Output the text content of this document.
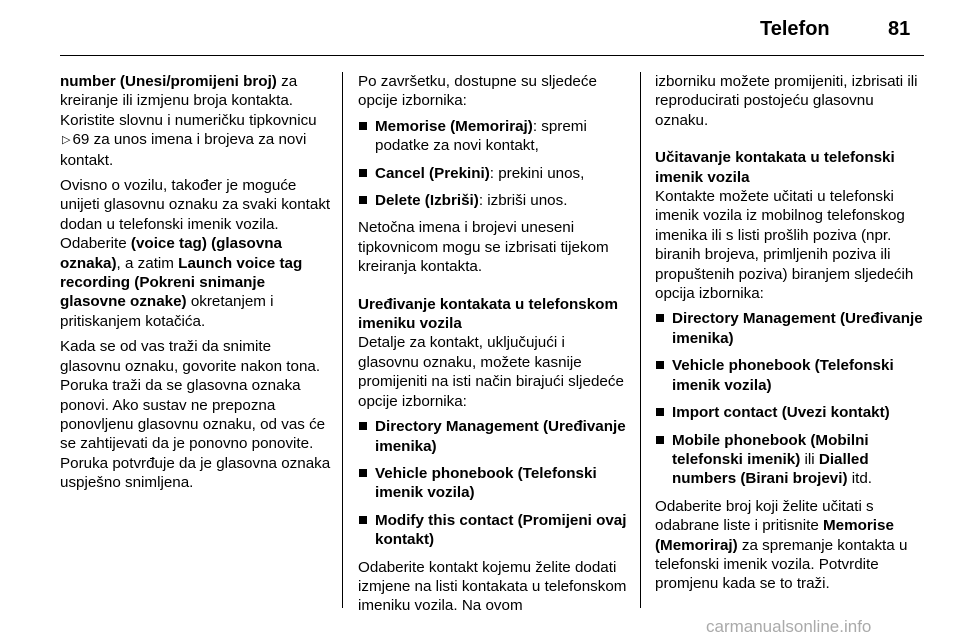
Telefon	81

number (Unesi/promijeni broj) za kreiranje ili izmjenu broja kontakta. Koristite slovnu i numeričku tipkovnicu ▷ 69 za unos imena i brojeva za novi kontakt.

Ovisno o vozilu, također je moguće unijeti glasovnu oznaku za svaki kontakt dodan u telefonski imenik vozila. Odaberite (voice tag) (glasovna oznaka), a zatim Launch voice tag recording (Pokreni snimanje glasovne oznake) okretanjem i pritiskanjem kotačića.

Kada se od vas traži da snimite glasovnu oznaku, govorite nakon tona. Poruka traži da se glasovna oznaka ponovi. Ako sustav ne prepozna ponovljenu glasovnu oznaku, od vas će se zahtijevati da je ponovno ponovite. Poruka potvrđuje da je glasovna oznaka uspješno snimljena.

Po završetku, dostupne su sljedeće opcije izbornika:

Memorise (Memoriraj): spremi podatke za novi kontakt,
Cancel (Prekini): prekini unos,
Delete (Izbriši): izbriši unos.

Netočna imena i brojevi uneseni tipkovnicom mogu se izbrisati tijekom kreiranja kontakta.

Uređivanje kontakata u telefonskom imeniku vozila

Detalje za kontakt, uključujući i glasovnu oznaku, možete kasnije promijeniti na isti način birajući sljedeće opcije izbornika:

Directory Management (Uređivanje imenika)
Vehicle phonebook (Telefonski imenik vozila)
Modify this contact (Promijeni ovaj kontakt)

Odaberite kontakt kojemu želite dodati izmjene na listi kontakata u telefonskom imeniku vozila. Na ovom

izborniku možete promijeniti, izbrisati ili reproducirati postojeću glasovnu oznaku.

Učitavanje kontakata u telefonski imenik vozila

Kontakte možete učitati u telefonski imenik vozila iz mobilnog telefonskog imenika ili s listi prošlih poziva (npr. biranih brojeva, primljenih poziva ili propuštenih poziva) biranjem sljedećih opcija izbornika:

Directory Management (Uređivanje imenika)
Vehicle phonebook (Telefonski imenik vozila)
Import contact (Uvezi kontakt)
Mobile phonebook (Mobilni telefonski imenik) ili Dialled numbers (Birani brojevi) itd.

Odaberite broj koji želite učitati s odabrane liste i pritisnite Memorise (Memoriraj) za spremanje kontakta u telefonski imenik vozila. Potvrdite promjenu kada se to traži.

carmanualsonline.info
